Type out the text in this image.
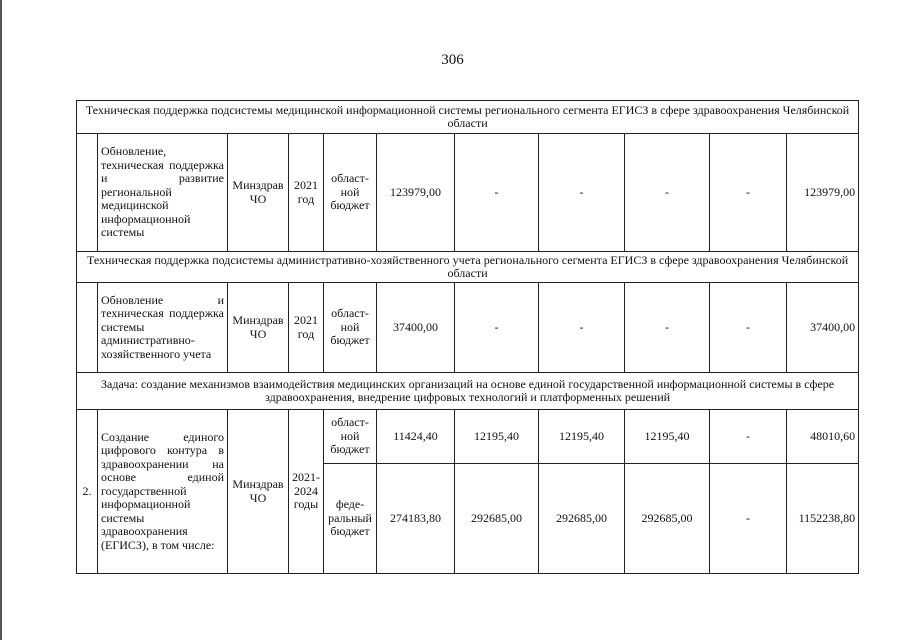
306
Техническая поддержка подсистемы медицинской информационной системы регионального сегмента ЕГИСЗ в сфере здравоохранения Челябинской области										
	Обновление, техническая поддержка и развитие региональной медицинской информационной системы	Минздрав ЧО	2021 год	област-ной бюджет	123979,00	-	-	-	-	123979,00
Техническая поддержка подсистемы административно-хозяйственного учета регионального сегмента ЕГИСЗ в сфере здравоохранения Челябинской области										
	Обновление и техническая поддержка системы административно-хозяйственного учета	Минздрав ЧО	2021 год	област-ной бюджет	37400,00	-	-	-	-	37400,00
Задача: создание механизмов взаимодействия медицинских организаций на основе единой государственной информационной системы в сфере здравоохранения, внедрение цифровых технологий и платформенных решений										
2.	Создание единого цифрового контура в здравоохранении на основе единой государственной информационной системы здравоохранения (ЕГИСЗ), в том числе:	Минздрав ЧО	2021-2024 годы	област-ной бюджет	11424,40	12195,40	12195,40	12195,40	-	48010,60
				феде-ральный бюджет	274183,80	292685,00	292685,00	292685,00	-	1152238,80
